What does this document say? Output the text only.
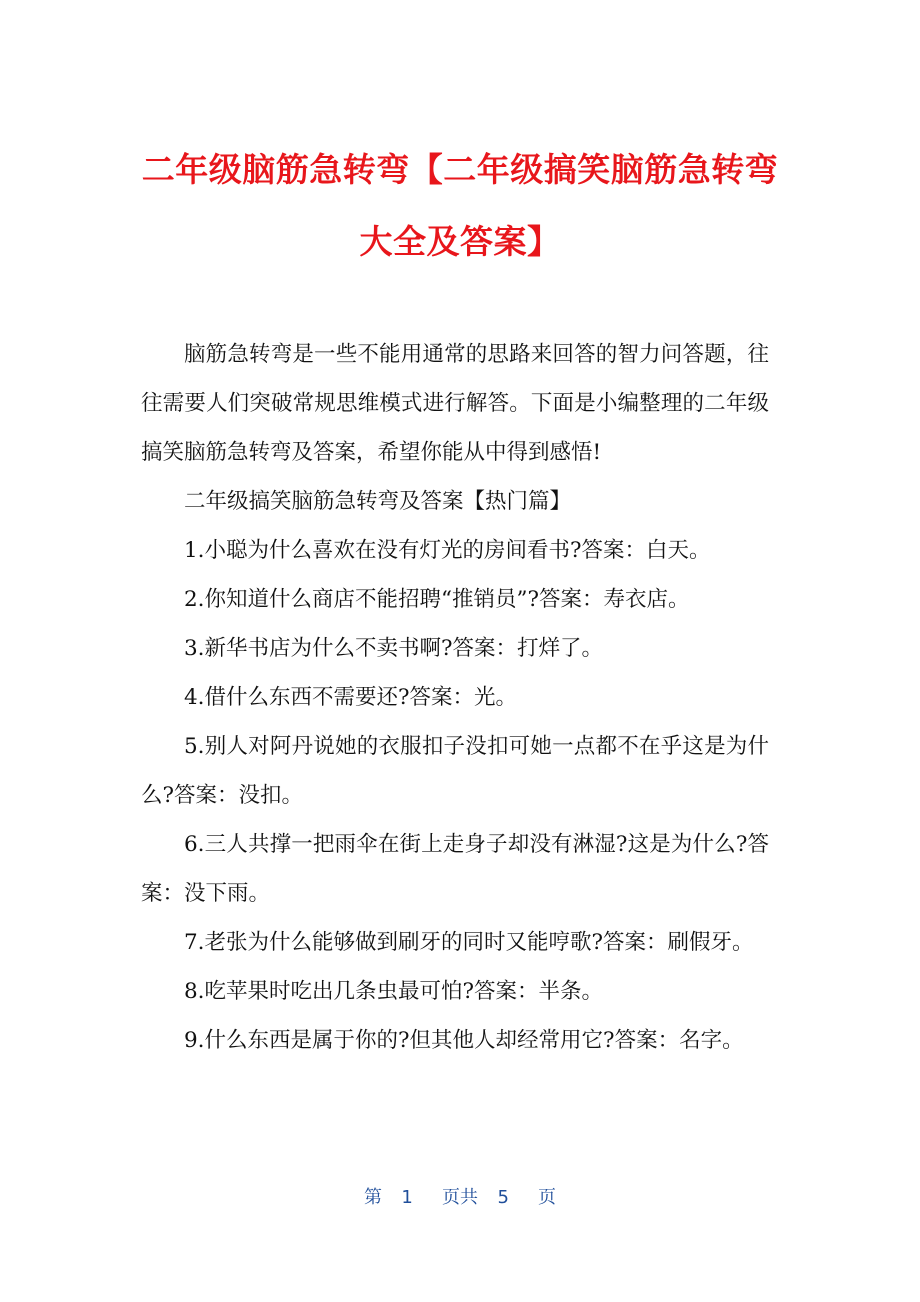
二年级脑筋急转弯【二年级搞笑脑筋急转弯
大全及答案】

脑筋急转弯是一些不能用通常的思路来回答的智力问答题，往往需要人们突破常规思维模式进行解答。下面是小编整理的二年级搞笑脑筋急转弯及答案，希望你能从中得到感悟!

二年级搞笑脑筋急转弯及答案【热门篇】

1.小聪为什么喜欢在没有灯光的房间看书?答案：白天。

2.你知道什么商店不能招聘“推销员”?答案：寿衣店。

3.新华书店为什么不卖书啊?答案：打烊了。

4.借什么东西不需要还?答案：光。

5.别人对阿丹说她的衣服扣子没扣可她一点都不在乎这是为什么?答案：没扣。

6.三人共撑一把雨伞在街上走身子却没有淋湿?这是为什么?答案：没下雨。

7.老张为什么能够做到刷牙的同时又能哼歌?答案：刷假牙。

8.吃苹果时吃出几条虫最可怕?答案：半条。

9.什么东西是属于你的?但其他人却经常用它?答案：名字。

第  1   页共  5   页
